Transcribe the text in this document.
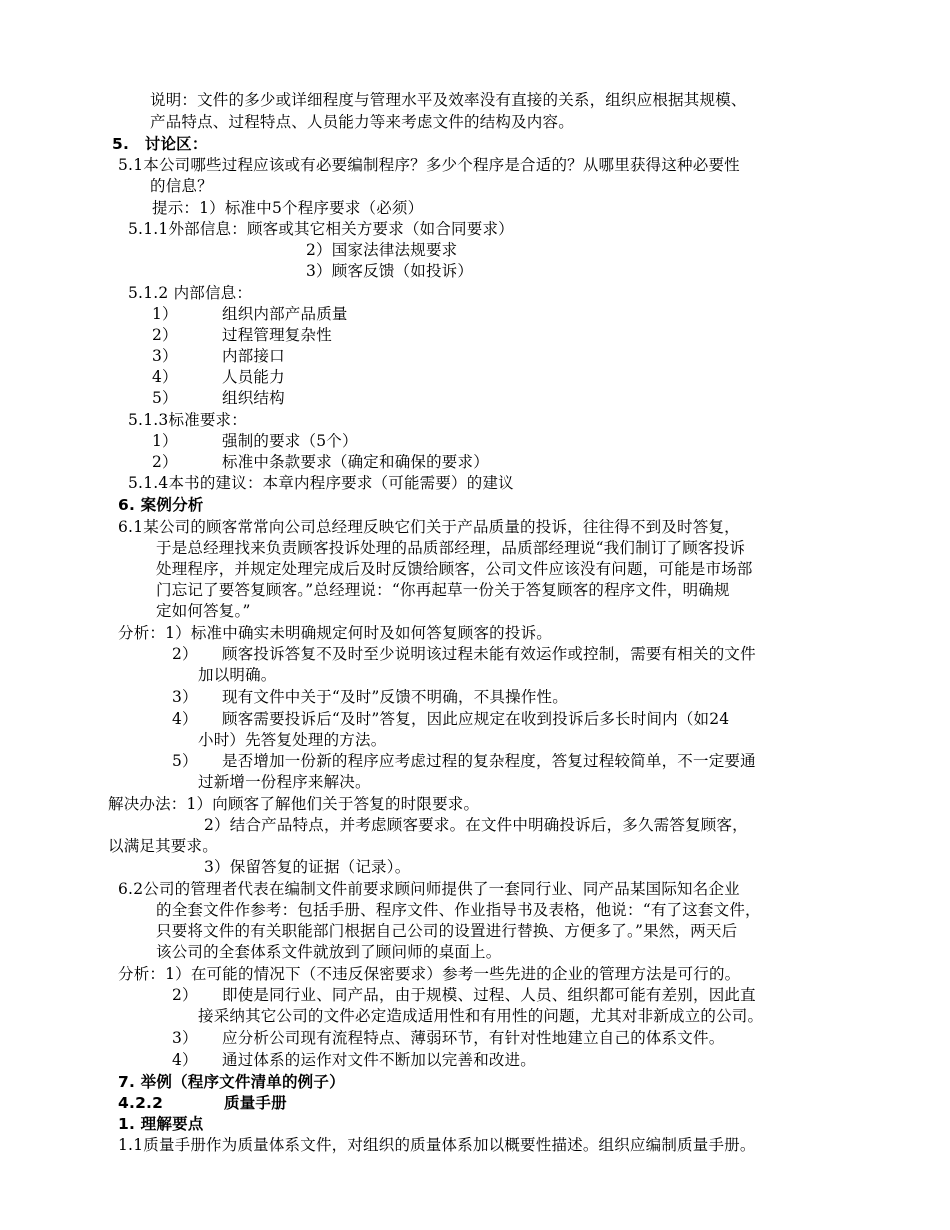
说明：文件的多少或详细程度与管理水平及效率没有直接的关系，组织应根据其规模、
产品特点、过程特点、人员能力等来考虑文件的结构及内容。
5.　讨论区：
5.1本公司哪些过程应该或有必要编制程序？多少个程序是合适的？从哪里获得这种必要性
的信息？
提示：1）标准中5个程序要求（必须）
5.1.1外部信息：顾客或其它相关方要求（如合同要求）
2）国家法律法规要求
3）顾客反馈（如投诉）
5.1.2 内部信息：
1）	组织内部产品质量
2）	过程管理复杂性
3）	内部接口
4）	人员能力
5）	组织结构
5.1.3标准要求：
1）	强制的要求（5个）
2）	标准中条款要求（确定和确保的要求）
5.1.4本书的建议：本章内程序要求（可能需要）的建议
6. 案例分析
6.1某公司的顾客常常向公司总经理反映它们关于产品质量的投诉，往往得不到及时答复，
于是总经理找来负责顾客投诉处理的品质部经理，品质部经理说“我们制订了顾客投诉
处理程序，并规定处理完成后及时反馈给顾客，公司文件应该没有问题，可能是市场部
门忘记了要答复顾客。”总经理说：“你再起草一份关于答复顾客的程序文件，明确规
定如何答复。”
分析：1）标准中确实未明确规定何时及如何答复顾客的投诉。
2） 顾客投诉答复不及时至少说明该过程未能有效运作或控制，需要有相关的文件
加以明确。
3） 现有文件中关于“及时”反馈不明确，不具操作性。
4） 顾客需要投诉后“及时”答复，因此应规定在收到投诉后多长时间内（如24
小时）先答复处理的方法。
5） 是否增加一份新的程序应考虑过程的复杂程度，答复过程较简单，不一定要通
过新增一份程序来解决。
解决办法：1）向顾客了解他们关于答复的时限要求。
2）结合产品特点，并考虑顾客要求。在文件中明确投诉后，多久需答复顾客，
以满足其要求。
3）保留答复的证据（记录）。
6.2公司的管理者代表在编制文件前要求顾问师提供了一套同行业、同产品某国际知名企业
的全套文件作参考：包括手册、程序文件、作业指导书及表格，他说：“有了这套文件，
只要将文件的有关职能部门根据自己公司的设置进行替换、方便多了。”果然，两天后
该公司的全套体系文件就放到了顾问师的桌面上。
分析：1）在可能的情况下（不违反保密要求）参考一些先进的企业的管理方法是可行的。
2） 即使是同行业、同产品，由于规模、过程、人员、组织都可能有差别，因此直
接采纳其它公司的文件必定造成适用性和有用性的问题，尤其对非新成立的公司。
3） 应分析公司现有流程特点、薄弱环节，有针对性地建立自己的体系文件。
4） 通过体系的运作对文件不断加以完善和改进。
7. 举例（程序文件清单的例子）
4.2.2	质量手册
1. 理解要点
1.1质量手册作为质量体系文件，对组织的质量体系加以概要性描述。组织应编制质量手册。
